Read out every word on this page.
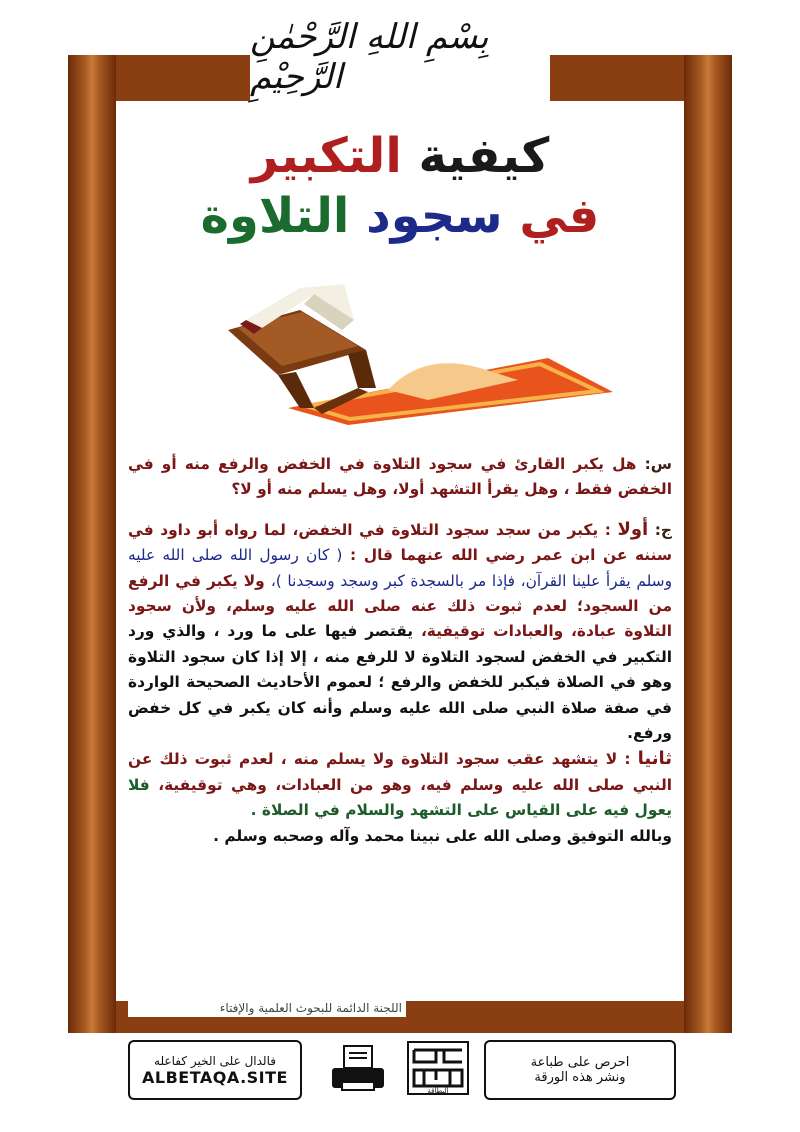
بِسْمِ اللهِ الرَّحْمٰنِ الرَّحِيْمِ
كيفية التكبير
في سجود التلاوة

س: هل يكبر القارئ في سجود التلاوة في الخفض والرفع منه أو في الخفض فقط ، وهل يقرأ التشهد أولا، وهل يسلم منه أو لا؟

ج: أولا : يكبر من سجد سجود التلاوة في الخفض، لما رواه أبو داود في سننه عن ابن عمر رضي الله عنهما قال : ( كان رسول الله صلى الله عليه وسلم يقرأ علينا القرآن، فإذا مر بالسجدة كبر وسجد وسجدنا )، ولا يكبر في الرفع من السجود؛ لعدم ثبوت ذلك عنه صلى الله عليه وسلم، ولأن سجود التلاوة عبادة، والعبادات توقيفية، يقتصر فيها على ما ورد ، والذي ورد التكبير في الخفض لسجود التلاوة لا للرفع منه ، إلا إذا كان سجود التلاوة وهو في الصلاة فيكبر للخفض والرفع ؛ لعموم الأحاديث الصحيحة الواردة في صفة صلاة النبي صلى الله عليه وسلم وأنه كان يكبر في كل خفض ورفع.
ثانيا : لا يتشهد عقب سجود التلاوة ولا يسلم منه ، لعدم ثبوت ذلك عن النبي صلى الله عليه وسلم فيه، وهو من العبادات، وهي توقيفية، فلا يعول فيه على القياس على التشهد والسلام في الصلاة .
وبالله التوفيق وصلى الله على نبينا محمد وآله وصحبه وسلم .

اللجنة الدائمة للبحوث العلمية والإفتاء
فالدال على الخير كفاعله
ALBETAQA.SITE
البطاقة
احرص على طباعة
ونشر هذه الورقة
